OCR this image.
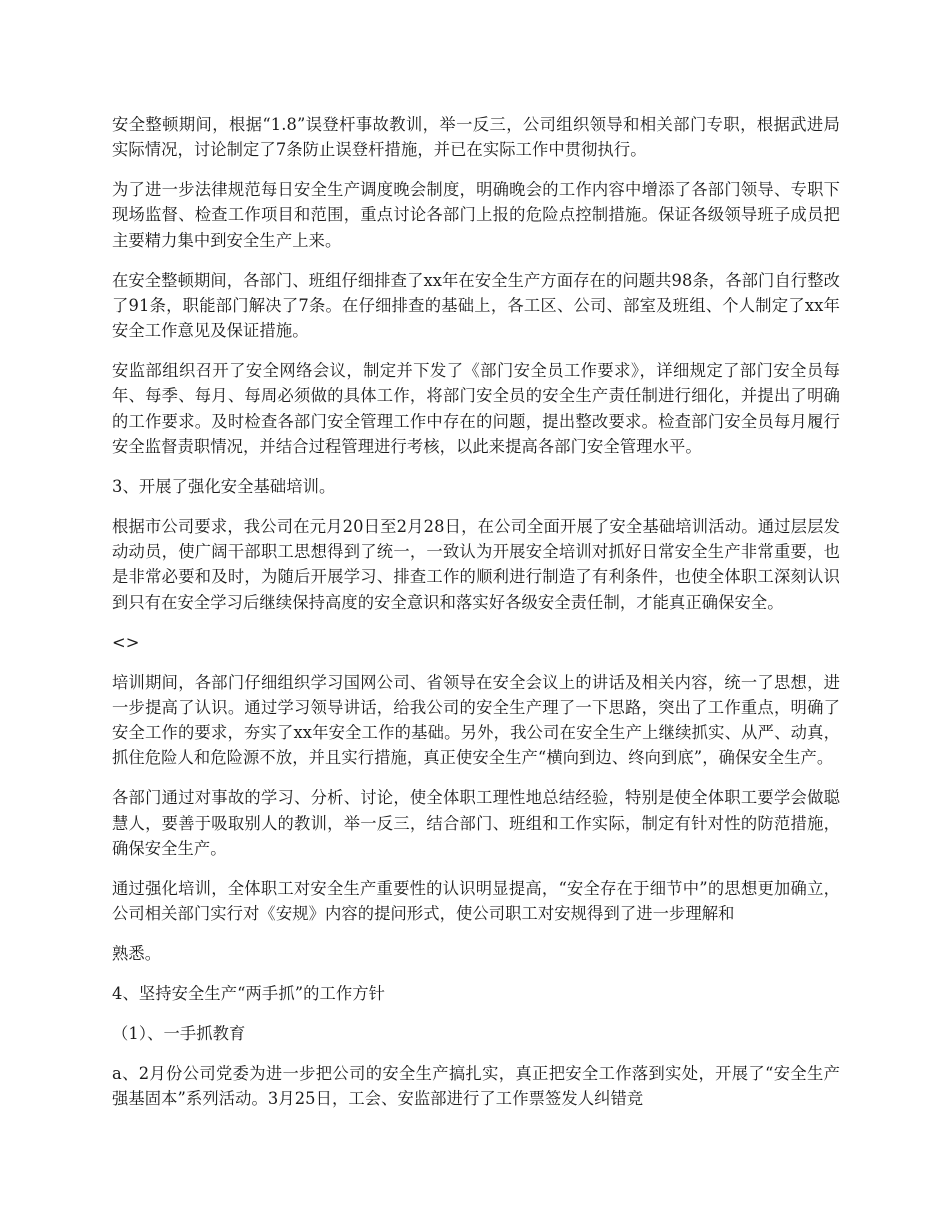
安全整顿期间，根据“1.8”误登杆事故教训，举一反三，公司组织领导和相关部门专职，根据武进局实际情况，讨论制定了7条防止误登杆措施，并已在实际工作中贯彻执行。

为了进一步法律规范每日安全生产调度晚会制度，明确晚会的工作内容中增添了各部门领导、专职下现场监督、检查工作项目和范围，重点讨论各部门上报的危险点控制措施。保证各级领导班子成员把主要精力集中到安全生产上来。

在安全整顿期间，各部门、班组仔细排查了xx年在安全生产方面存在的问题共98条，各部门自行整改了91条，职能部门解决了7条。在仔细排查的基础上，各工区、公司、部室及班组、个人制定了xx年安全工作意见及保证措施。

安监部组织召开了安全网络会议，制定并下发了《部门安全员工作要求》，详细规定了部门安全员每年、每季、每月、每周必须做的具体工作，将部门安全员的安全生产责任制进行细化，并提出了明确的工作要求。及时检查各部门安全管理工作中存在的问题，提出整改要求。检查部门安全员每月履行安全监督责职情况，并结合过程管理进行考核，以此来提高各部门安全管理水平。

3、开展了强化安全基础培训。

根据市公司要求，我公司在元月20日至2月28日，在公司全面开展了安全基础培训活动。通过层层发动动员，使广阔干部职工思想得到了统一，一致认为开展安全培训对抓好日常安全生产非常重要，也是非常必要和及时，为随后开展学习、排查工作的顺利进行制造了有利条件，也使全体职工深刻认识到只有在安全学习后继续保持高度的安全意识和落实好各级安全责任制，才能真正确保安全。

<>

培训期间，各部门仔细组织学习国网公司、省领导在安全会议上的讲话及相关内容，统一了思想，进一步提高了认识。通过学习领导讲话，给我公司的安全生产理了一下思路，突出了工作重点，明确了安全工作的要求，夯实了xx年安全工作的基础。另外，我公司在安全生产上继续抓实、从严、动真，抓住危险人和危险源不放，并且实行措施，真正使安全生产“横向到边、终向到底”，确保安全生产。

各部门通过对事故的学习、分析、讨论，使全体职工理性地总结经验，特别是使全体职工要学会做聪慧人，要善于吸取别人的教训，举一反三，结合部门、班组和工作实际，制定有针对性的防范措施，确保安全生产。

通过强化培训，全体职工对安全生产重要性的认识明显提高，“安全存在于细节中”的思想更加确立，公司相关部门实行对《安规》内容的提问形式，使公司职工对安规得到了进一步理解和

熟悉。

4、坚持安全生产“两手抓”的工作方针

（1）、一手抓教育

a、2月份公司党委为进一步把公司的安全生产搞扎实，真正把安全工作落到实处，开展了“安全生产强基固本”系列活动。3月25日，工会、安监部进行了工作票签发人纠错竞
